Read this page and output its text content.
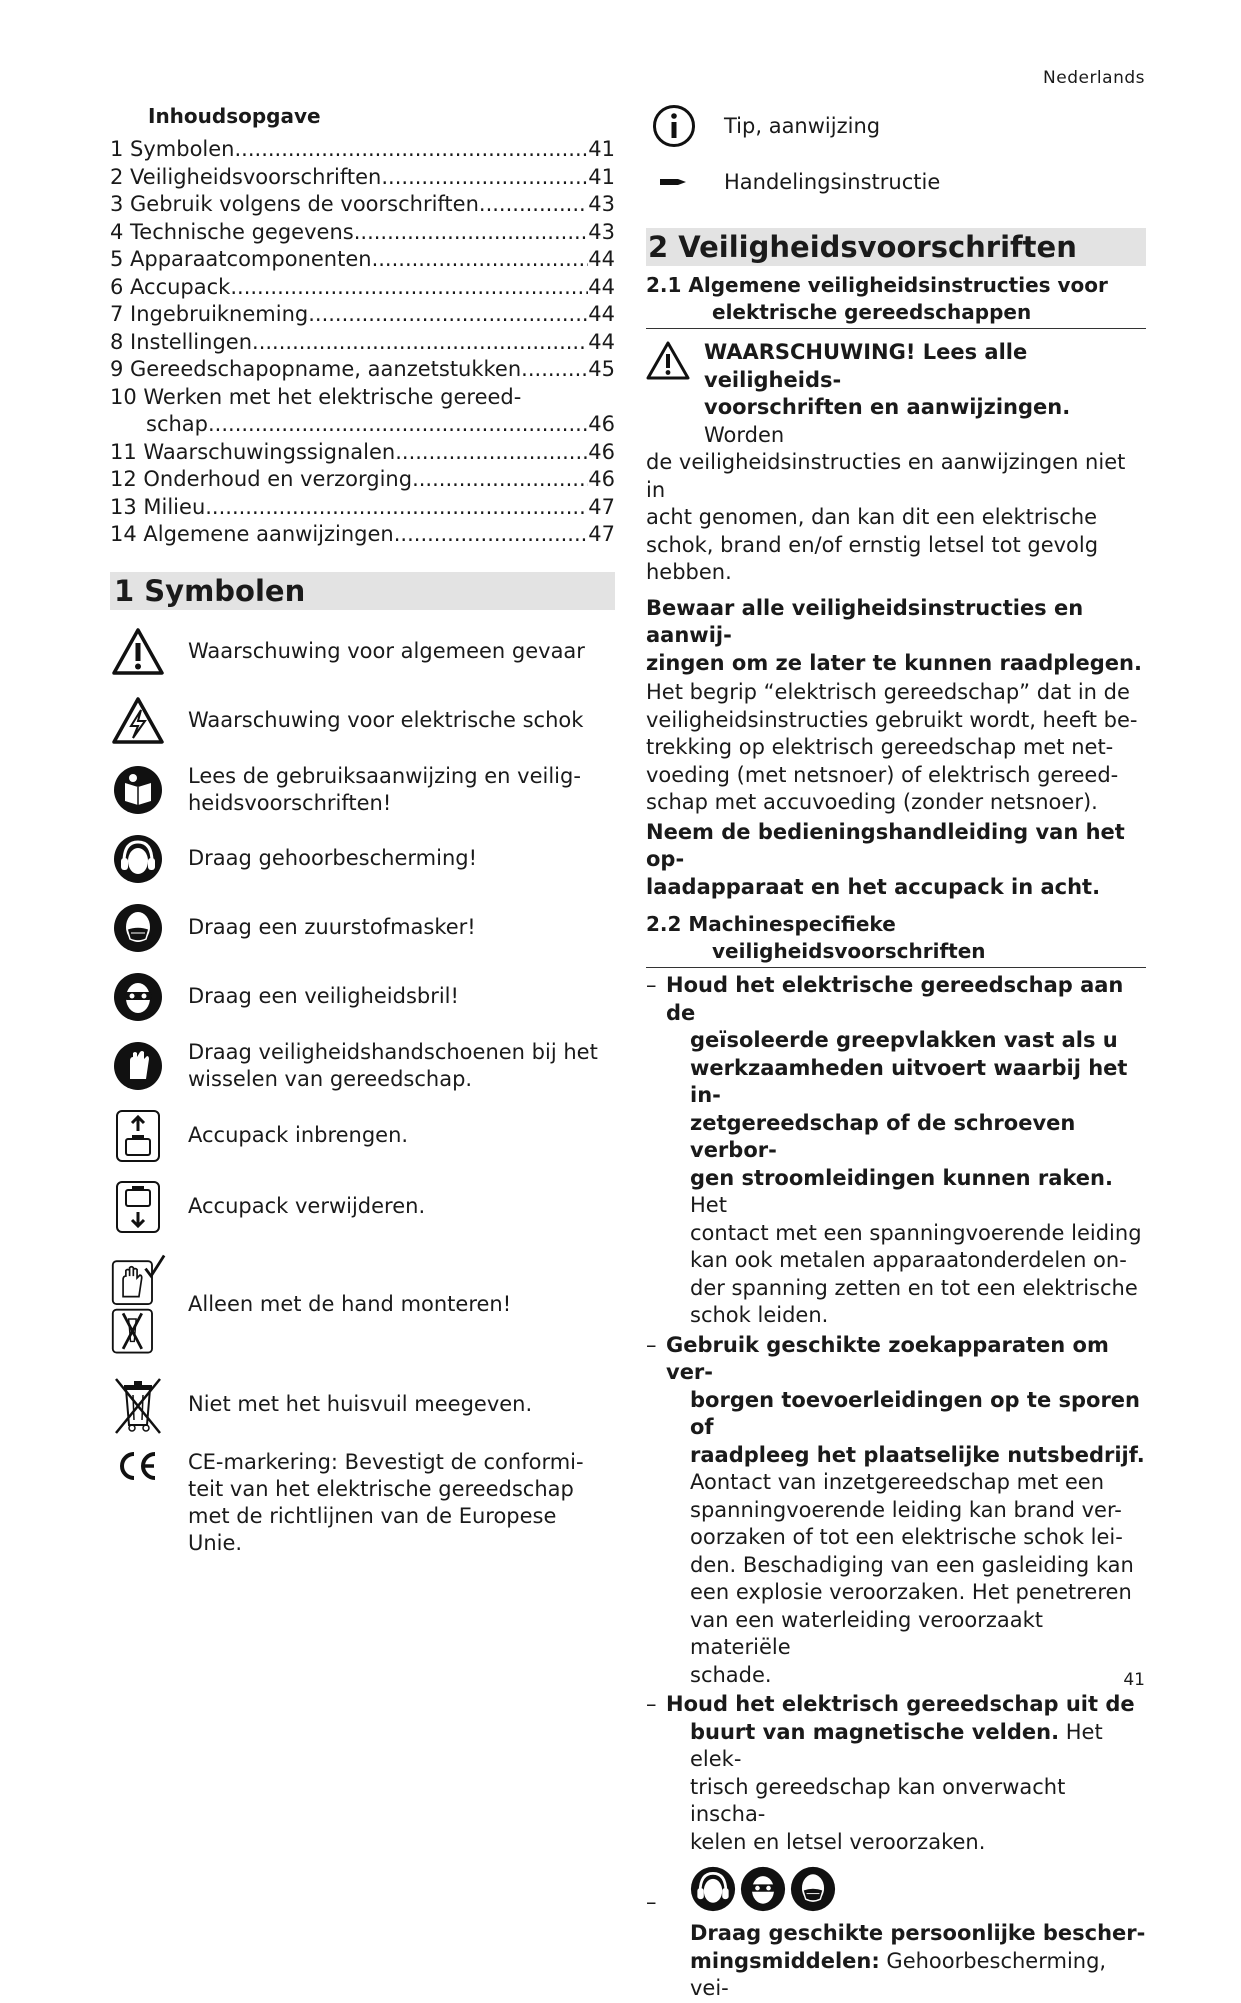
Nederlands
Inhoudsopgave
1 Symbolen .....	41
2 Veiligheidsvoorschriften .....	41
3 Gebruik volgens de voorschriften .....	43
4 Technische gegevens .....	43
5 Apparaatcomponenten .....	44
6 Accupack .....	44
7 Ingebruikneming .....	44
8 Instellingen .....	44
9 Gereedschapopname, aanzetstukken .....	45
10 Werken met het elektrische gereed-
schap .....	46
11 Waarschuwingssignalen .....	46
12 Onderhoud en verzorging .....	46
13 Milieu .....	47
14 Algemene aanwijzingen .....	47
1 Symbolen
Waarschuwing voor algemeen gevaar
Waarschuwing voor elektrische schok
Lees de gebruiksaanwijzing en veilig-
heidsvoorschriften!
Draag gehoorbescherming!
Draag een zuurstofmasker!
Draag een veiligheidsbril!
Draag veiligheidshandschoenen bij het
wisselen van gereedschap.
Accupack inbrengen.
Accupack verwijderen.
Alleen met de hand monteren!
Niet met het huisvuil meegeven.
CE-markering: Bevestigt de conformi-
teit van het elektrische gereedschap
met de richtlijnen van de Europese
Unie.
Tip, aanwijzing
Handelingsinstructie
2 Veiligheidsvoorschriften
2.1 Algemene veiligheidsinstructies voor
elektrische gereedschappen
WAARSCHUWING! Lees alle veiligheids-
voorschriften en aanwijzingen. Worden
de veiligheidsinstructies en aanwijzingen niet in
acht genomen, dan kan dit een elektrische
schok, brand en/of ernstig letsel tot gevolg
hebben.
Bewaar alle veiligheidsinstructies en aanwij-
zingen om ze later te kunnen raadplegen.
Het begrip “elektrisch gereedschap” dat in de
veiligheidsinstructies gebruikt wordt, heeft be-
trekking op elektrisch gereedschap met net-
voeding (met netsnoer) of elektrisch gereed-
schap met accuvoeding (zonder netsnoer).
Neem de bedieningshandleiding van het op-
laadapparaat en het accupack in acht.
2.2 Machinespecifieke
veiligheidsvoorschriften
– Houd het elektrische gereedschap aan de
geïsoleerde greepvlakken vast als u
werkzaamheden uitvoert waarbij het in-
zetgereedschap of de schroeven verbor-
gen stroomleidingen kunnen raken. Het
contact met een spanningvoerende leiding
kan ook metalen apparaatonderdelen on-
der spanning zetten en tot een elektrische
schok leiden.
– Gebruik geschikte zoekapparaten om ver-
borgen toevoerleidingen op te sporen of
raadpleeg het plaatselijke nutsbedrijf.
Aontact van inzetgereedschap met een
spanningvoerende leiding kan brand ver-
oorzaken of tot een elektrische schok lei-
den. Beschadiging van een gasleiding kan
een explosie veroorzaken. Het penetreren
van een waterleiding veroorzaakt materiële
schade.
– Houd het elektrisch gereedschap uit de
buurt van magnetische velden. Het elek-
trisch gereedschap kan onverwacht inscha-
kelen en letsel veroorzaken.
–
Draag geschikte persoonlijke bescher-
mingsmiddelen: Gehoorbescherming, vei-
41
